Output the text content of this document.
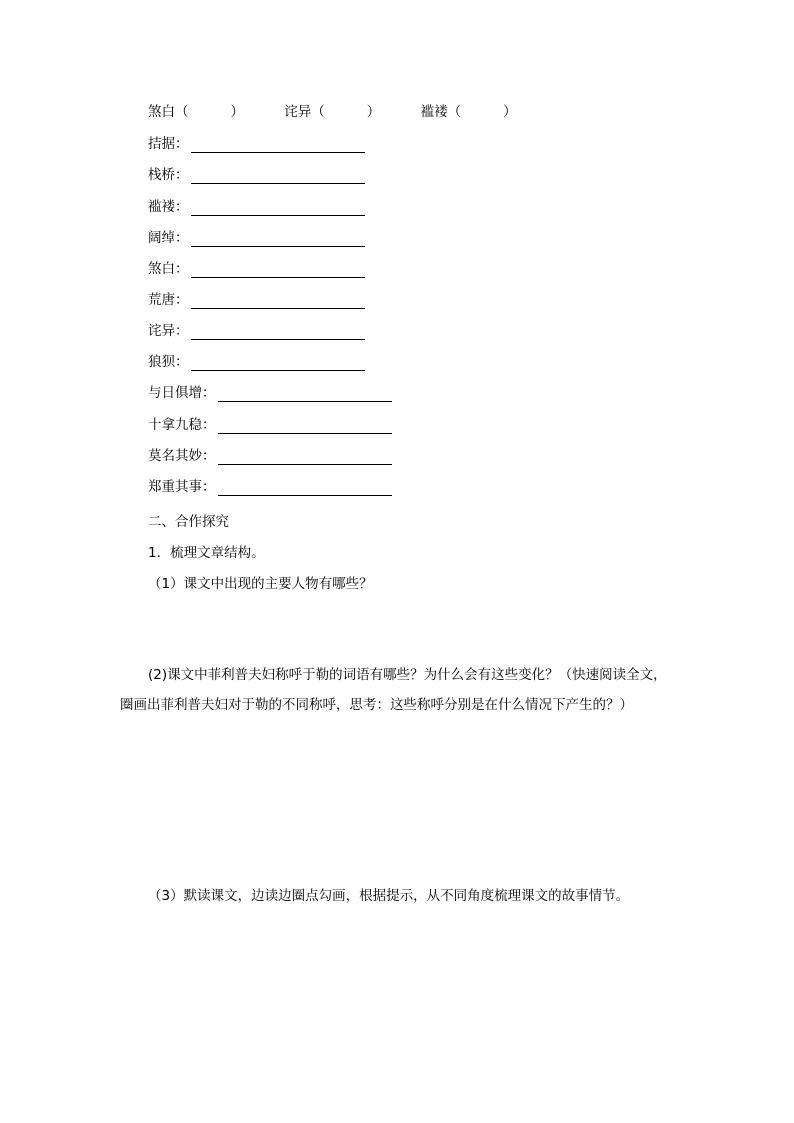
煞白（	）	诧异（	）	褴褛（	）
拮据：
栈桥：
褴褛：
阔绰：
煞白：
荒唐：
诧异：
狼狈：
与日俱增：
十拿九稳：
莫名其妙：
郑重其事：
二、合作探究
1．梳理文章结构。
（1）课文中出现的主要人物有哪些？
(2)课文中菲利普夫妇称呼于勒的词语有哪些？为什么会有这些变化？（快速阅读全文，圈画出菲利普夫妇对于勒的不同称呼，思考：这些称呼分别是在什么情况下产生的？）
（3）默读课文，边读边圈点勾画，根据提示，从不同角度梳理课文的故事情节。
